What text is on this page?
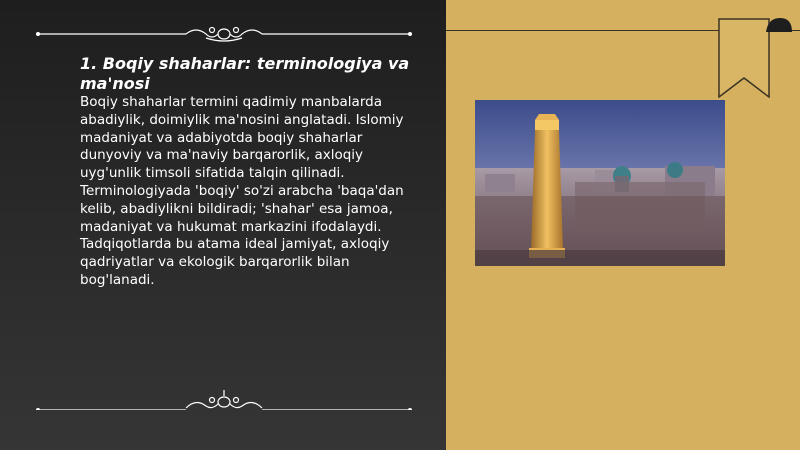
1. Boqiy shaharlar: terminologiya va ma'nosi

Boqiy shaharlar termini qadimiy manbalarda abadiylik, doimiylik ma'nosini anglatadi. Islomiy madaniyat va adabiyotda boqiy shaharlar dunyoviy va ma'naviy barqarorlik, axloqiy uyg'unlik timsoli sifatida talqin qilinadi. Terminologiyada 'boqiy' so'zi arabcha 'baqa'dan kelib, abadiylikni bildiradi; 'shahar' esa jamoa, madaniyat va hukumat markazini ifodalaydi. Tadqiqotlarda bu atama ideal jamiyat, axloqiy qadriyatlar va ekologik barqarorlik bilan bog'lanadi.
